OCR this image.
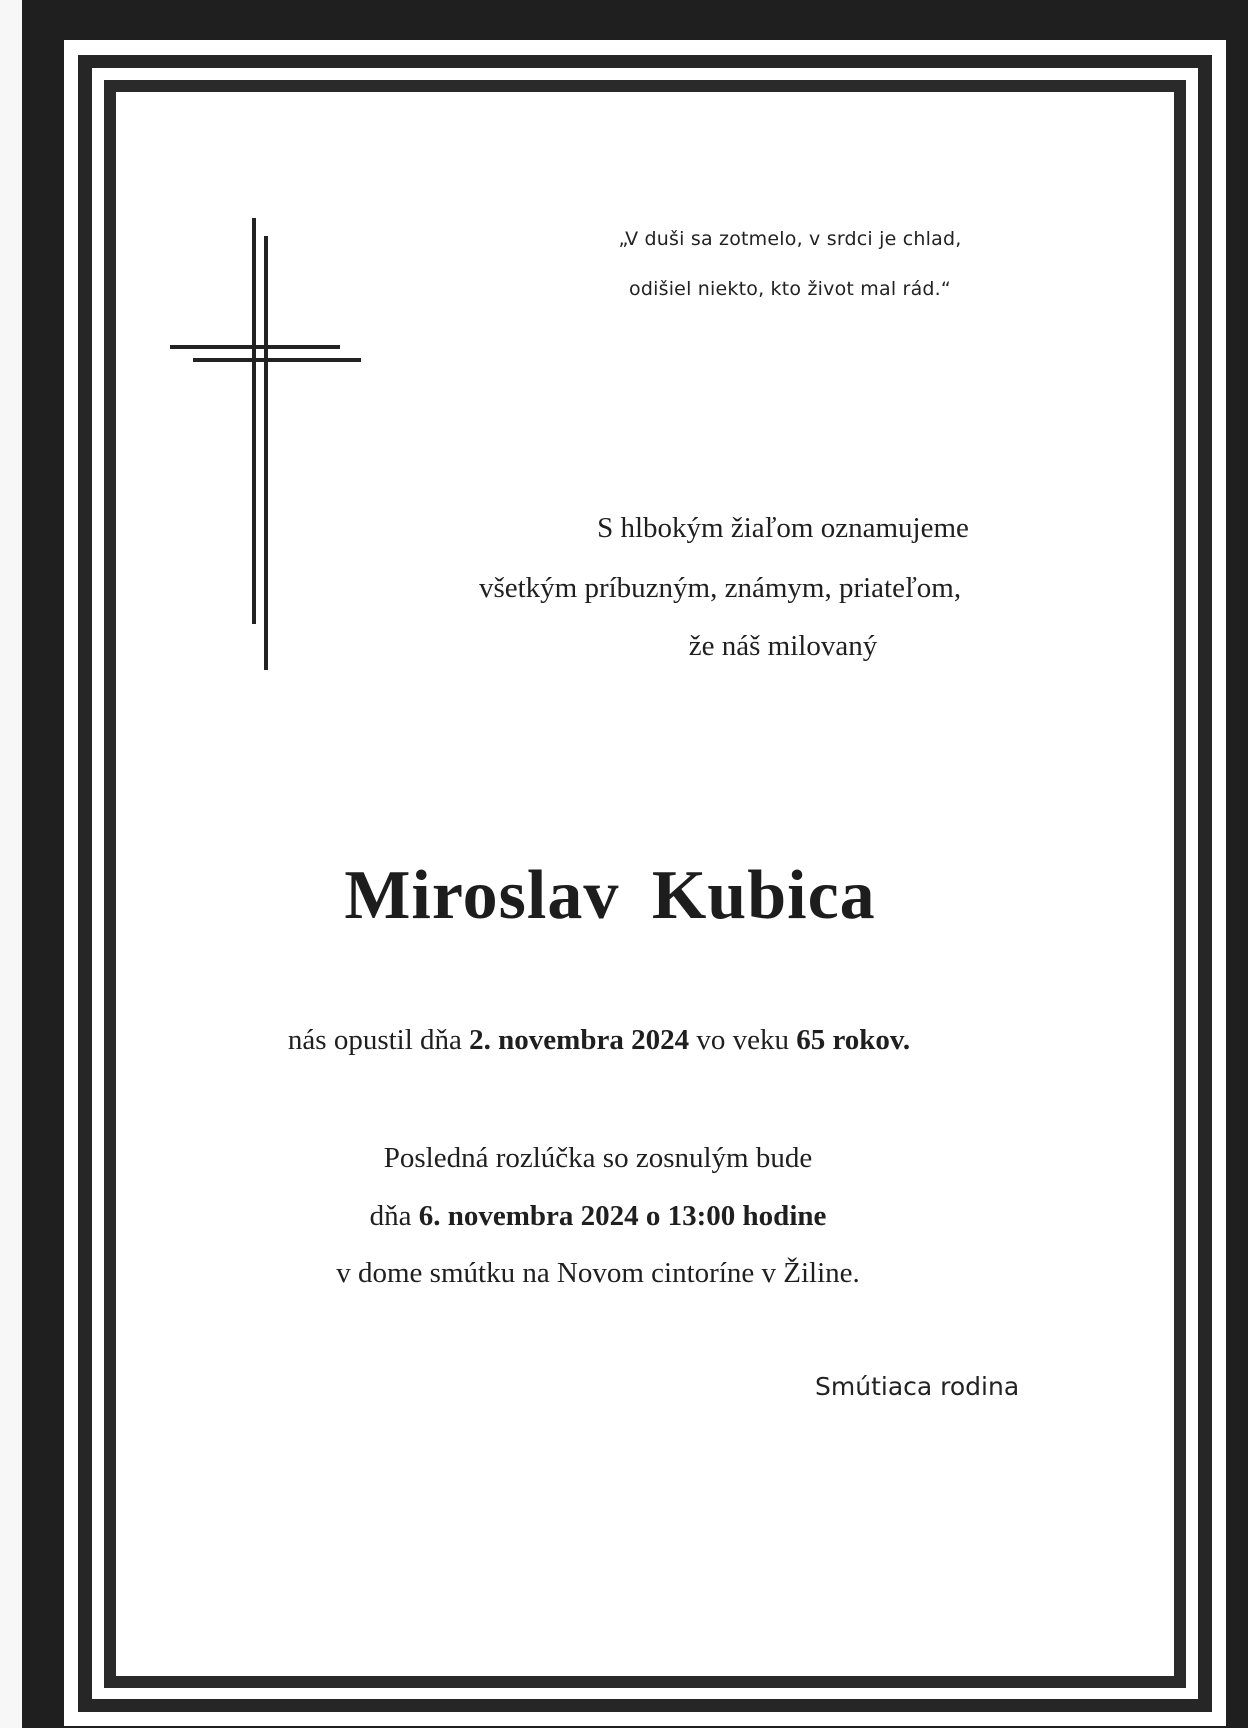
„V duši sa zotmelo, v srdci je chlad,
odišiel niekto, kto život mal rád.“
S hlbokým žiaľom oznamujeme
všetkým príbuzným, známym, priateľom,
že náš milovaný
Miroslav Kubica
nás opustil dňa 2. novembra 2024 vo veku 65 rokov.
Posledná rozlúčka so zosnulým bude
dňa 6. novembra 2024 o 13:00 hodine
v dome smútku na Novom cintoríne v Žiline.
Smútiaca rodina
